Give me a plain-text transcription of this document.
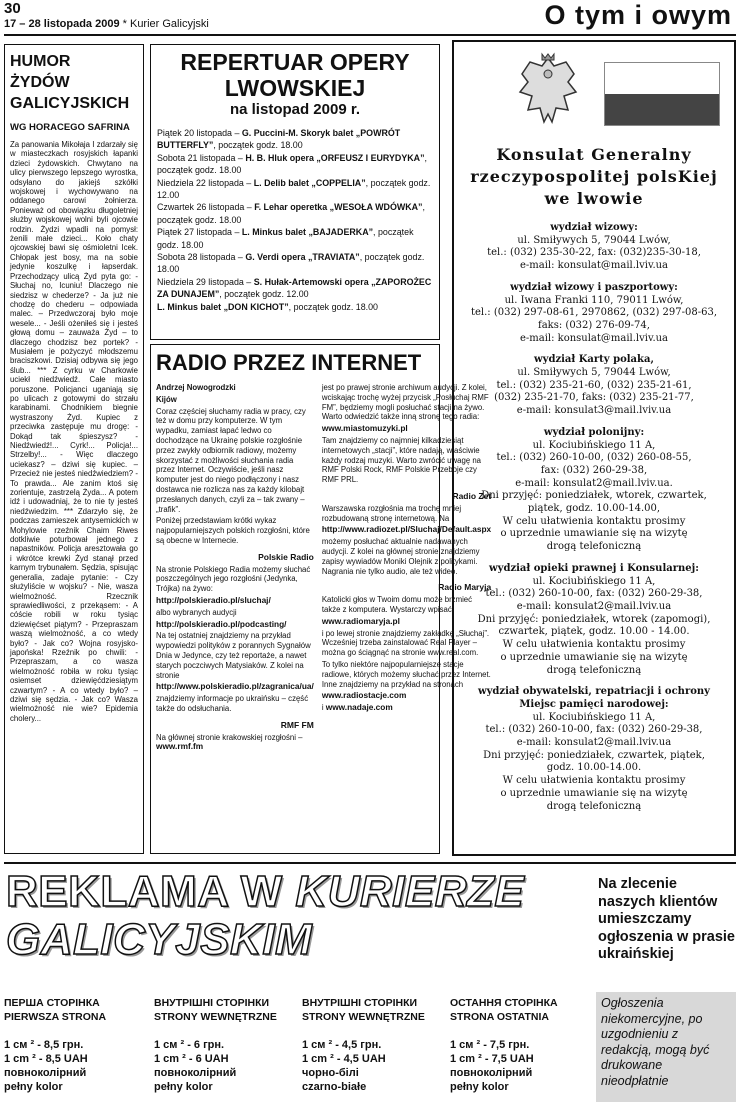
30
17 – 28 listopada 2009 * Kurier Galicyjski	O tym i owym
HUMOR
ŻYDÓW
GALICYJSKICH
WG HORACEGO SAFRINA

Za panowania Mikołaja I zdarzały się w miasteczkach rosyjskich łapanki dzieci żydowskich. Chwytano na ulicy pierwszego lepszego wyrostka, odsyłano do jakiejś szkółki wojskowej i wychowywano na oddanego carowi żołnierza. Ponieważ od obowiązku długoletniej służby wojskowej wolni byli ojcowie rodzin. Żydzi wpadli na pomysł: żenili małe dzieci... Koło chaty ojcowskiej bawi się ośmioletni Icek. Chłopak jest bosy, ma na sobie jedynie koszulkę i łapserdak. Przechodzący ulicą Żyd pyta go: - Słuchaj no, Icuniu! Dlaczego nie siedzisz w chederze? - Ja już nie chodzę do chederu – odpowiada malec. – Przedwczoraj było moje wesele... - Jeśli ożeniłeś się i jesteś głową domu – zauważa Żyd – to dlaczego chodzisz bez portek? - Musiałem je pożyczyć młodszemu braciszkowi. Dzisiaj odbywa się jego ślub... *** Z cyrku w Charkowie uciekł niedźwiedź. Całe miasto poruszone. Policjanci uganiają się po ulicach z gotowymi do strzału karabinami. Chodnikiem biegnie wystraszony Żyd. Kupiec z przeciwka zastępuje mu drogę: - Dokąd tak śpieszysz? - Niedźwiedź!... Cyrk!... Policja!... Strzelby!... - Więc dlaczego uciekasz? – dziwi się kupiec. – Przecież nie jesteś niedźwiedziem? - To prawda... Ale zanim ktoś się zorientuje, zastrzelą Żyda... A potem idź i udowadniaj, że to nie ty jesteś niedźwiedzim. *** Zdarzyło się, że podczas zamieszek antysemickich w Mohylowie rzeźnik Chaim Riwes dotkliwie poturbował jednego z napastników. Policja aresztowała go i wkrótce krewki Żyd stanął przed karnym trybunałem. Sędzia, spisując generalia, zadaje pytanie: - Czy służyliście w wojsku? - Nie, wasza wielmożność. Rzecznik sprawiedliwości, z przekąsem: - A cóście robili w roku tysiąc dziewięćset piątym? - Przepraszam waszą wielmożność, a co wtedy było? - Jak co? Wojna rosyjsko-japońska! Rzeźnik po chwili: - Przepraszam, a co wasza wielmożność robiła w roku tysiąc osiemset dziewięćdziesiątym czwartym? - A co wtedy było? – dziwi się sędzia. - Jak co? Wasza wielmożność nie wie? Epidemia cholery...

REPERTUAR OPERY LWOWSKIEJ
na listopad 2009 r.
Piątek 20 listopada – G. Puccini-M. Skoryk balet „POWRÓT BUTTERFLY”, początek godz. 18.00
Sobota 21 listopada – H. B. Hluk opera „ORFEUSZ I EURYDYKA”, początek godz. 18.00
Niedziela 22 listopada – L. Delib balet „COPPELIA”, początek godz. 12.00
Czwartek 26 listopada – F. Lehar operetka „WESOŁA WDÓWKA”, początek godz. 18.00
Piątek 27 listopada – L. Minkus balet „BAJADERKA”, początek godz. 18.00
Sobota 28 listopada – G. Verdi opera „TRAVIATA”, początek godz. 18.00
Niedziela 29 listopada – S. Hułak-Artemowski opera „ZAPOROŻEC ZA DUNAJEM”, początek godz. 12.00
L. Minkus balet „DON KICHOT”, początek godz. 18.00
RADIO PRZEZ INTERNET

Andrzej Nowogrodzki

Kijów

Coraz częściej słuchamy radia w pracy, czy też w domu przy komputerze. W tym wypadku, zamiast łapać ledwo co dochodzące na Ukrainę polskie rozgłośnie przez zwykły odbiornik radiowy, możemy skorzystać z możliwości słuchania radia przez Internet. Oczywiście, jeśli nasz komputer jest do niego podłączony i nasz dostawca nie rozlicza nas za każdy kilobajt przesłanych danych, czyli za – tak zwany – „trafik”.

Poniżej przedstawiam krótki wykaz najpopularniejszych polskich rozgłośni, które są obecne w Internecie.

Polskie Radio

Na stronie Polskiego Radia możemy słuchać poszczególnych jego rozgłośni (Jedynka, Trójka) na żywo:

http://polskieradio.pl/sluchaj/

albo wybranych audycji

http://polskieradio.pl/podcasting/

Na tej ostatniej znajdziemy na przykład wypowiedzi polityków z porannych Sygnałów Dnia w Jedynce, czy też reportaże, a nawet starych poczciwych Matysiaków. Z kolei na stronie

http://www.polskieradio.pl/zagranica/ua/

znajdziemy informacje po ukraińsku – część także do odsłuchania.

RMF FM

Na głównej stronie krakowskiej rozgłośni – www.rmf.fm

jest po prawej stronie archiwum audycji. Z kolei, wciskając trochę wyżej przycisk „Posłuchaj RMF FM”, będziemy mogli posłuchać stacji na żywo. Warto odwiedzić także inną stronę tego radia:

www.miastomuzyki.pl

Tam znajdziemy co najmniej kilkadziesiąt internetowych „stacji”, które nadają, właściwie każdy rodzaj muzyki. Warto zwrócić uwagę na RMF Polski Rock, RMF Polskie Przeboje czy RMF PRL.

Radio Zet

Warszawska rozgłośnia ma trochę mniej rozbudowaną stronę internetową. Na

http://www.radiozet.pl/Sluchaj/Default.aspx

możemy posłuchać aktualnie nadawanych audycji. Z kolei na głównej stronie znajdziemy zapisy wywiadów Moniki Olejnik z politykami. Nagrania nie tylko audio, ale też wideo.

Radio Maryja

Katolicki głos w Twoim domu może brzmieć także z komputera. Wystarczy wpisać:

www.radiomaryja.pl

i po lewej stronie znajdziemy zakładkę „Słuchaj”. Wcześniej trzeba zainstalować Real Player – można go ściągnąć na stronie www.real.com.

To tylko niektóre najpopularniejsze stacje radiowe, których możemy słuchać przez Internet. Inne znajdziemy na przykład na stronach

www.radiostacje.com

i www.nadaje.com

Konsulat Generalny rzeczypospolitej polsKiej we lwowie
wydział wizowy:
ul. Smiływych 5, 79044 Lwów,
tel.: (032) 235-30-22, fax: (032)235-30-18,
e-mail: konsulat@mail.lviv.ua
wydział wizowy i paszportowy:
ul. Iwana Franki 110, 79011 Lwów,
tel.: (032) 297-08-61, 2970862, (032) 297-08-63,
faks: (032) 276-09-74,
e-mail: konsulat@mail.lviv.ua
wydział Karty polaka,
ul. Smiływych 5, 79044 Lwów,
tel.: (032) 235-21-60, (032) 235-21-61,
(032) 235-21-70, faks: (032) 235-21-77,
e-mail: konsulat3@mail.lviv.ua
wydział polonijny:
ul. Kociubińskiego 11 A,
tel.: (032) 260-10-00, (032) 260-08-55,
fax: (032) 260-29-38,
e-mail: konsulat2@mail.lviv.ua.
Dni przyjęć: poniedziałek, wtorek, czwartek,
piątek, godz. 10.00-14.00,
W celu ułatwienia kontaktu prosimy
o uprzednie umawianie się na wizytę
drogą telefoniczną
wydział opieki prawnej i Konsularnej:
ul. Kociubińskiego 11 A,
tel.: (032) 260-10-00, fax: (032) 260-29-38,
e-mail: konsulat2@mail.lviv.ua
Dni przyjęć: poniedziałek, wtorek (zapomogi),
czwartek, piątek, godz. 10.00 - 14.00.
W celu ułatwienia kontaktu prosimy
o uprzednie umawianie się na wizytę
drogą telefoniczną
wydział obywatelski, repatriacji i ochrony Miejsc pamięci narodowej:
ul. Kociubińskiego 11 A,
tel.: (032) 260-10-00, fax: (032) 260-29-38,
e-mail: konsulat2@mail.lviv.ua
Dni przyjęć: poniedziałek, czwartek, piątek,
godz. 10.00-14.00.
W celu ułatwienia kontaktu prosimy
o uprzednie umawianie się na wizytę
drogą telefoniczną
REKLAMA W KURIERZE
GALICYJSKIM
Na zlecenie naszych klientów umieszczamy ogłoszenia w prasie ukraińskiej
ПЕРША СТОРІНКА
PIERWSZA STRONA
1 см ² - 8,5 грн.
1 cm ² - 8,5 UAH
повноколірний
pełny kolor
ВНУТРІШНІ СТОРІНКИ
STRONY WEWNĘTRZNE
1 см ² - 6 грн.
1 cm ² - 6 UAH
повноколірний
pełny kolor
ВНУТРІШНІ СТОРІНКИ
STRONY WEWNĘTRZNE
1 см ² - 4,5 грн.
1 cm ² - 4,5 UAH
чорно-білі
czarno-białe
ОСТАННЯ СТОРІНКА
STRONA OSTATNIA
1 см ² - 7,5 грн.
1 cm ² - 7,5 UAH
повноколірний
pełny kolor
Ogłoszenia niekomercyjne, po uzgodnieniu z redakcją, mogą być drukowane nieodpłatnie
